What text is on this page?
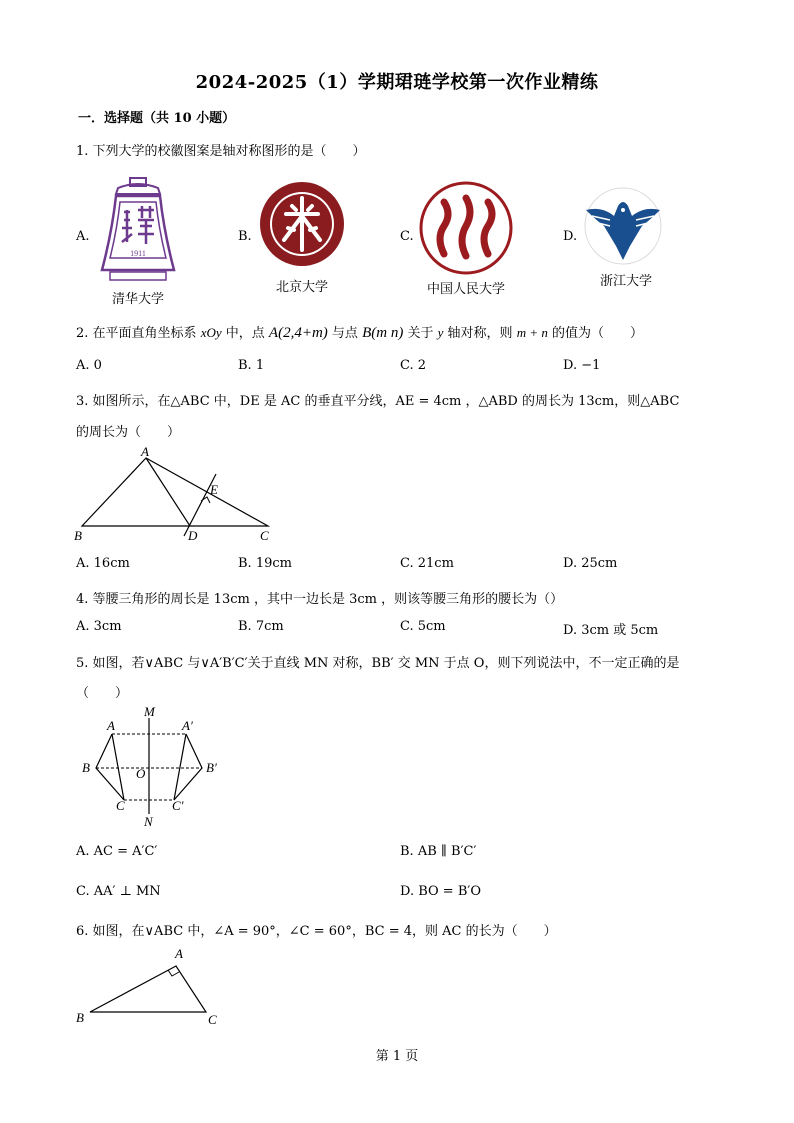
2024-2025（1）学期珺琏学校第一次作业精练
一．选择题（共 10 小题）
1. 下列大学的校徽图案是轴对称图形的是（　　）
A.
1911
清华大学
B.
北京大学
C.
中国人民大学
D.
浙江大学
2. 在平面直角坐标系 xOy 中，点 A(2,4+m) 与点 B(m n) 关于 y 轴对称，则 m + n 的值为（　　）
A. 0	B. 1	C. 2	D. −1
3. 如图所示，在△ABC 中，DE 是 AC 的垂直平分线，AE = 4cm ，△ABD 的周长为 13cm，则△ABC
的周长为（　　）
A
B	C
D
E
A. 16cm	B. 19cm	C. 21cm	D. 25cm
4. 等腰三角形的周长是 13cm ，其中一边长是 3cm ，则该等腰三角形的腰长为（）
A. 3cm	B. 7cm	C. 5cm	D. 3cm 或 5cm
5. 如图，若∨ABC 与∨A′B′C′关于直线 MN 对称，BB′ 交 MN 于点 O，则下列说法中，不一定正确的是
（　　）
M
N
A	A′
B	B′
C	C′
O
A. AC = A′C′	B. AB ∥ B′C′
C. AA′ ⊥ MN	D. BO = B′O
6. 如图，在∨ABC 中，∠A = 90°，∠C = 60°，BC = 4，则 AC 的长为（　　）
A
B	C
第 1 页
